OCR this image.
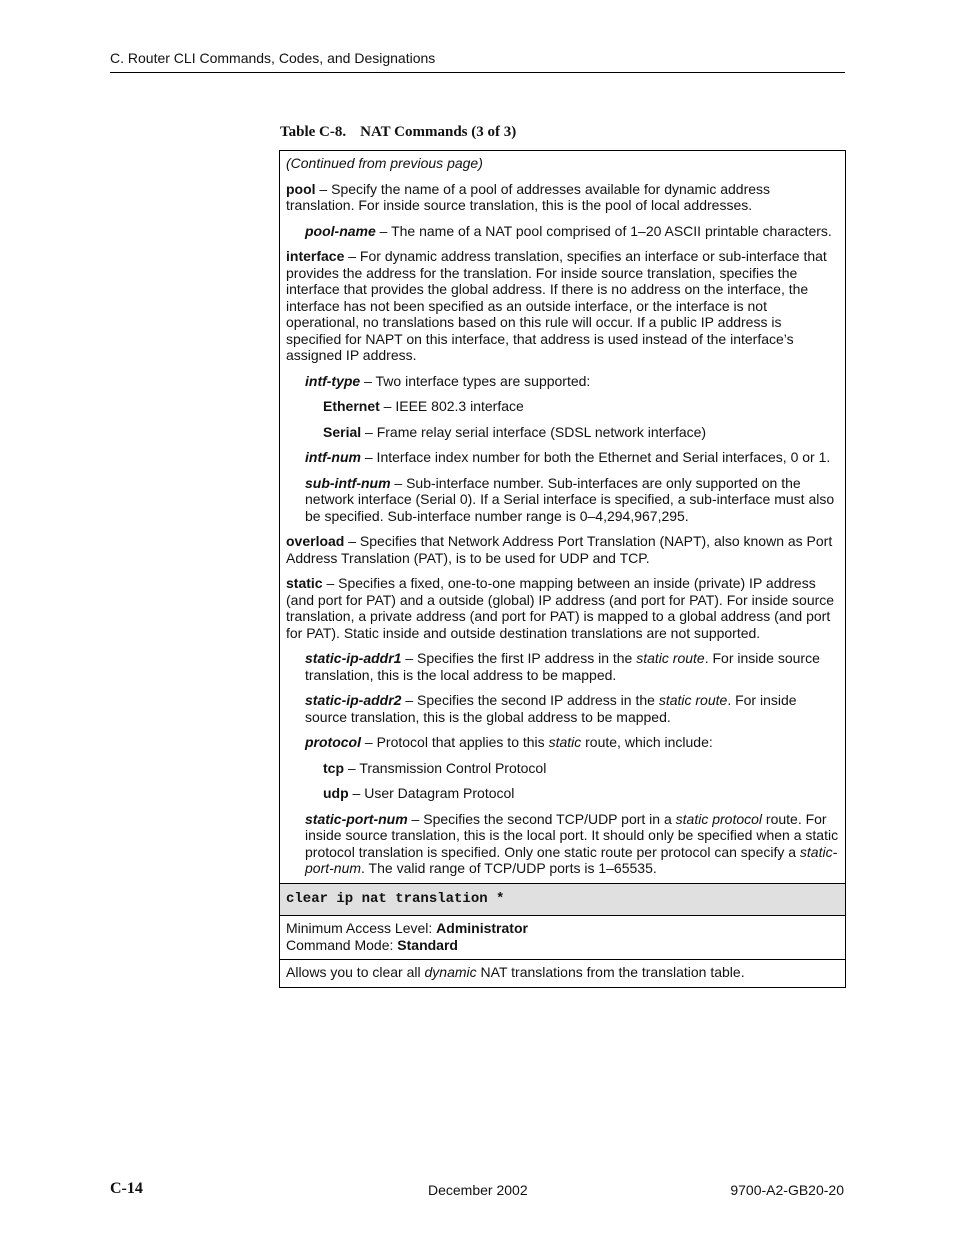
C. Router CLI Commands, Codes, and Designations
Table C-8. NAT Commands (3 of 3)
(Continued from previous page)
pool – Specify the name of a pool of addresses available for dynamic address translation. For inside source translation, this is the pool of local addresses.
pool-name – The name of a NAT pool comprised of 1–20 ASCII printable characters.
interface – For dynamic address translation, specifies an interface or sub-interface that provides the address for the translation. For inside source translation, specifies the interface that provides the global address. If there is no address on the interface, the interface has not been specified as an outside interface, or the interface is not operational, no translations based on this rule will occur. If a public IP address is specified for NAPT on this interface, that address is used instead of the interface’s assigned IP address.
intf-type – Two interface types are supported:
Ethernet – IEEE 802.3 interface
Serial – Frame relay serial interface (SDSL network interface)
intf-num – Interface index number for both the Ethernet and Serial interfaces, 0 or 1.
sub-intf-num – Sub-interface number. Sub-interfaces are only supported on the network interface (Serial 0). If a Serial interface is specified, a sub-interface must also be specified. Sub-interface number range is 0–4,294,967,295.
overload – Specifies that Network Address Port Translation (NAPT), also known as Port Address Translation (PAT), is to be used for UDP and TCP.
static – Specifies a fixed, one-to-one mapping between an inside (private) IP address (and port for PAT) and a outside (global) IP address (and port for PAT). For inside source translation, a private address (and port for PAT) is mapped to a global address (and port for PAT). Static inside and outside destination translations are not supported.
static-ip-addr1 – Specifies the first IP address in the static route. For inside source translation, this is the local address to be mapped.
static-ip-addr2 – Specifies the second IP address in the static route. For inside source translation, this is the global address to be mapped.
protocol – Protocol that applies to this static route, which include:
tcp – Transmission Control Protocol
udp – User Datagram Protocol
static-port-num – Specifies the second TCP/UDP port in a static protocol route. For inside source translation, this is the local port. It should only be specified when a static protocol translation is specified. Only one static route per protocol can specify a static-port-num. The valid range of TCP/UDP ports is 1–65535.
clear ip nat translation *
Minimum Access Level: Administrator
Command Mode: Standard
Allows you to clear all dynamic NAT translations from the translation table.
C-14	December 2002	9700-A2-GB20-20
